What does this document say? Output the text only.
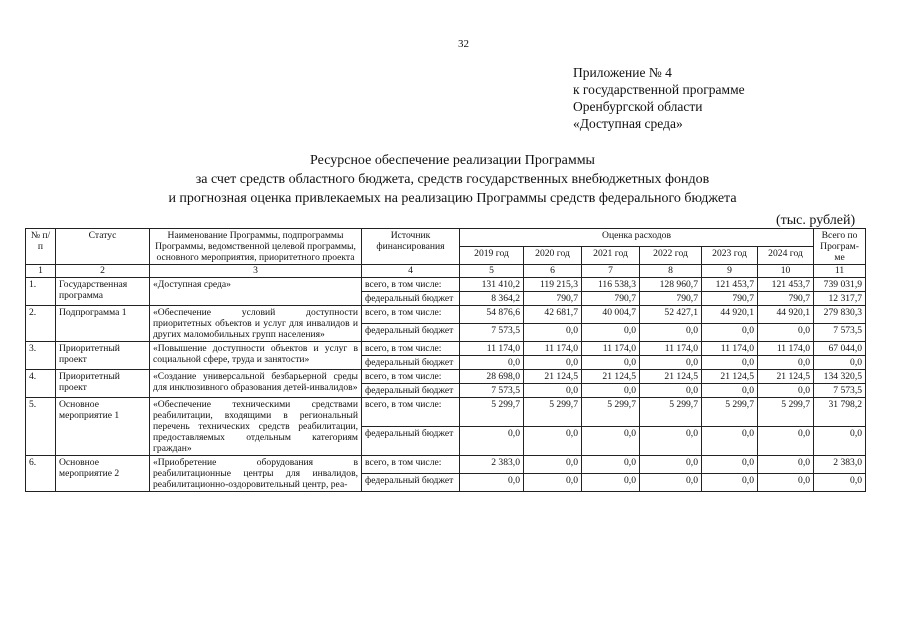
32
Приложение № 4
к государственной программе
Оренбургской области
«Доступная среда»
Ресурсное обеспечение реализации Программы
за счет средств областного бюджета, средств государственных внебюджетных фондов
и прогнозная оценка привлекаемых на реализацию Программы средств федерального бюджета
(тыс. рублей)
№ п/п	Статус	Наименование Программы, подпрограммы Программы, ведомственной целевой программы, основного мероприятия, приоритетного проекта	Источник финансирования	Оценка расходов						Всего по Програм-ме
				2019 год	2020 год	2021 год	2022 год	2023 год	2024 год	
1	2	3	4	5	6	7	8	9	10	11
1.	Государственная программа	«Доступная среда»	всего, в том числе:	131 410,2	119 215,3	116 538,3	128 960,7	121 453,7	121 453,7	739 031,9
			федеральный бюджет	8 364,2	790,7	790,7	790,7	790,7	790,7	12 317,7
2.	Подпрограмма 1	«Обеспечение условий доступности приоритетных объектов и услуг для инвалидов и других маломобильных групп населения»	всего, в том числе:	54 876,6	42 681,7	40 004,7	52 427,1	44 920,1	44 920,1	279 830,3
			федеральный бюджет	7 573,5	0,0	0,0	0,0	0,0	0,0	7 573,5
3.	Приоритетный проект	«Повышение доступности объектов и услуг в социальной сфере, труда и занятости»	всего, в том числе:	11 174,0	11 174,0	11 174,0	11 174,0	11 174,0	11 174,0	67 044,0
			федеральный бюджет	0,0	0,0	0,0	0,0	0,0	0,0	0,0
4.	Приоритетный проект	«Создание универсальной безбарьерной среды для инклюзивного образования детей-инвалидов»	всего, в том числе:	28 698,0	21 124,5	21 124,5	21 124,5	21 124,5	21 124,5	134 320,5
			федеральный бюджет	7 573,5	0,0	0,0	0,0	0,0	0,0	7 573,5
5.	Основное мероприятие 1	«Обеспечение техническими средствами реабилитации, входящими в региональный перечень технических средств реабилитации, предоставляемых отдельным категориям граждан»	всего, в том числе:	5 299,7	5 299,7	5 299,7	5 299,7	5 299,7	5 299,7	31 798,2
			федеральный бюджет	0,0	0,0	0,0	0,0	0,0	0,0	0,0
6.	Основное мероприятие 2	«Приобретение оборудования в реабилитационные центры для инвалидов, реабилитационно-оздоровительный центр, реа-	всего, в том числе:	2 383,0	0,0	0,0	0,0	0,0	0,0	2 383,0
			федеральный бюджет	0,0	0,0	0,0	0,0	0,0	0,0	0,0
